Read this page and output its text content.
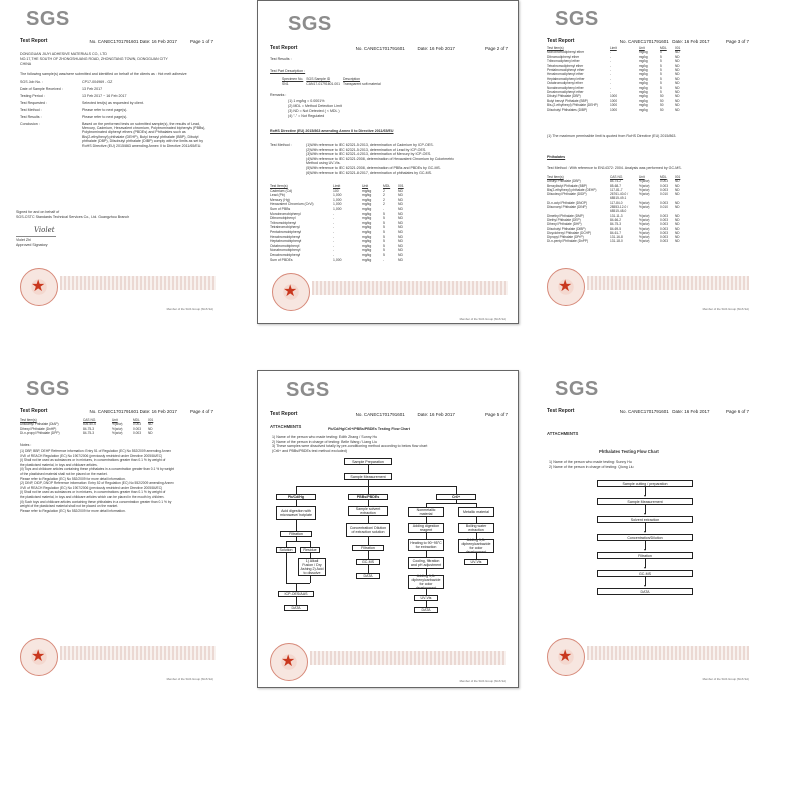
SGS
Test Report	No. CANEC1701791601 Date: 16 Feb 2017	Page 1 of 7
DONGGUAN JIUYI ADHESIVE MATERIALS CO., LTD
NO.17,THE SOUTH OF ZHONGSHUANG ROAD, ZHONGTANG TOWN, DONGGUAN CITY
CHINA
The following sample(s) was/were submitted and identified on behalf of the clients as : Hot melt adhesive
SGS Job No. :	CP17-004969 - GZ
Date of Sample Received :	13 Feb 2017
Testing Period :	13 Feb 2017 ~ 16 Feb 2017
Test Requested :	Selected test(s) as requested by client.
Test Method :	Please refer to next page(s).
Test Results :	Please refer to next page(s).
Conclusion :	Based on the performed tests on submitted sample(s), the results of Lead,
Mercury, Cadmium, Hexavalent chromium, Polybrominated biphenyls (PBBs),
Polybrominated diphenyl ethers (PBDEs) and Phthalates such as
Bis(2-ethylhexyl) phthalate (DEHP), Butyl benzyl phthalate (BBP), Dibutyl
phthalate (DBP), Diisobutyl phthalate (DIBP) comply with the limits as set by
RoHS Directive (EU) 2015/863 amending Annex II to Directive 2011/65/EU.
Signed for and on behalf of
SGS-CSTC Standards Technical Services Co., Ltd. Guangzhou Branch
Violet
Violet Zhi
Approved Signatory
★
Member of the SGS Group (SGS SA)
SGS
Test Report	No. CANEC1701791601	Date: 16 Feb 2017	Page 2 of 7
Test Results :
Test Part Description :
Specimen No.	SGS Sample ID	Description
SN1	CAN17-01791601.001	Transparent soft material
Remarks :
(1) 1 mg/kg = 0.0001%
(2) MDL = Method Detection Limit
(3) ND = Not Detected ( < MDL )
(4) "-" = Not Regulated
RoHS Directive (EU) 2015/863 amending Annex II to Directive 2011/65/EU
Test Method :	(1)With reference to IEC 62321-5:2013, determination of Cadmium by ICP-OES.
(2)With reference to IEC 62321-5:2013, determination of Lead by ICP-OES.
(3)With reference to IEC 62321-4:2013, determination of Mercury by ICP-OES.
(4)With reference to IEC 62321:2008, determination of Hexavalent Chromium by Colorimetric
Method using UV-Vis.
(5)With reference to IEC 62321:2008, determination of PBBs and PBDEs by GC-MS.
(6)With reference to IEC 62321-8:2017, determination of phthalates by GC-MS.
Test Item(s)	Limit	Unit	MDL	001
Cadmium (Cd)	100	mg/kg	2	ND
Lead (Pb)	1,000	mg/kg	2	ND
Mercury (Hg)	1,000	mg/kg	2	ND
Hexavalent Chromium (CrVI)	1,000	mg/kg	2	ND
Sum of PBBs	1,000	mg/kg	-	ND
Monobromobiphenyl	-	mg/kg	5	ND
Dibromobiphenyl	-	mg/kg	5	ND
Tribromobiphenyl	-	mg/kg	5	ND
Tetrabromobiphenyl	-	mg/kg	5	ND
Pentabromobiphenyl	-	mg/kg	5	ND
Hexabromobiphenyl	-	mg/kg	5	ND
Heptabromobiphenyl	-	mg/kg	5	ND
Octabromobiphenyl	-	mg/kg	5	ND
Nonabromobiphenyl	-	mg/kg	5	ND
Decabromobiphenyl	-	mg/kg	5	ND
Sum of PBDEs	1,000	mg/kg	-	ND
★
Member of the SGS Group (SGS SA)
SGS
Test Report	No. CANEC1701791601 Date: 16 Feb 2017	Page 3 of 7
Test Item(s)	Limit	Unit	MDL	001
Monobromodiphenyl ether	-	mg/kg	5	ND
Dibromodiphenyl ether	-	mg/kg	5	ND
Tribromodiphenyl ether	-	mg/kg	5	ND
Tetrabromodiphenyl ether	-	mg/kg	5	ND
Pentabromodiphenyl ether	-	mg/kg	5	ND
Hexabromodiphenyl ether	-	mg/kg	5	ND
Heptabromodiphenyl ether	-	mg/kg	5	ND
Octabromodiphenyl ether	-	mg/kg	5	ND
Nonabromodiphenyl ether	-	mg/kg	5	ND
Decabromodiphenyl ether	-	mg/kg	5	ND
Dibutyl Phthalate (DBP)	1000	mg/kg	50	ND
Butyl benzyl Phthalate (BBP)	1000	mg/kg	50	ND
Bis-(2-ethylhexyl) Phthalate (DEHP)	1000	mg/kg	50	ND
Diisobutyl Phthalates (DIBP)	1000	mg/kg	50	ND
(1) The maximum permissible limit is quoted from RoHS Directive (EU) 2015/863.
Phthalates
Test Method : With reference to EN14372: 2004. Analysis was performed by GC-MS.
Test Item(s)	CAS NO.	Unit	MDL	001
Dibutyl Phthalate (DBP)	84-74-2	%(w/w)	0.003	ND
Benzylbutyl Phthalate (BBP)	85-68-7	%(w/w)	0.003	ND
Bis(2-ethylhexyl) phthalate (DEHP)	117-81-7	%(w/w)	0.003	ND
Diisodecyl Phthalate (DIDP)	26761-40-0 /	%(w/w)	0.010	ND
	68515-49-1			
Di-n-octyl Phthalate (DNOP)	117-84-0	%(w/w)	0.003	ND
Diisononyl Phthalate (DINP)	28553-12-0 /	%(w/w)	0.010	ND
	68515-48-0			
Dimethyl Phthalate (DMP)	131-11-3	%(w/w)	0.003	ND
Diethyl Phthalate (DEP)	84-66-2	%(w/w)	0.003	ND
Dihexyl Phthalate (DHP)	84-75-3	%(w/w)	0.003	ND
Diisobutyl Phthalate (DIBP)	84-69-5	%(w/w)	0.003	ND
Dicyclohexyl Phthalate (DCHP)	84-61-7	%(w/w)	0.003	ND
Dipropyl Phthalate (DPrP)	131-16-8	%(w/w)	0.003	ND
Di-n-pentyl Phthalate (DnPP)	131-18-0	%(w/w)	0.003	ND
★
Member of the SGS Group (SGS SA)
SGS
Test Report	No. CANEC1701791601 Date: 16 Feb 2017	Page 4 of 7
Test Item(s)	CAS NO.	Unit	MDL	001
Diisoamyl Phthalate (DIAP)	605-50-5	%(w/w)	0.003	ND
Dihexyl Phthalate (DnHP)	84-75-3	%(w/w)	0.003	ND
Di-n-propyl Phthalate (DPP)	84-75-3	%(w/w)	0.003	ND
Notes :
(1) DBP, BBP, DEHP Reference information: Entry 51 of Regulation (EC) No 552/2009 amending Annex
XVII of REACH Regulation (EC) No 1907/2006 (previously restricted under Directive 2005/84/EC)
(i) Shall not be used as substances or in mixtures, in concentrations greater than 0.1 % by weight of
the plasticised material, in toys and childcare articles.
(ii) Toys and childcare articles containing these phthalates in a concentration greater than 0.1 % by weight
of the plasticised material shall not be placed on the market.
Please refer to Regulation (EC) No 552/2009 for more detail information.
(2) DINP, DIDP, DNOP Reference information: Entry 52 of Regulation (EC) No 552/2009 amending Annex
XVII of REACH Regulation (EC) No 1907/2006 (previously restricted under Directive 2005/84/EC)
(i) Shall not be used as substances or in mixtures, in concentrations greater than 0.1 % by weight of
the plasticised material, in toys and childcare articles which can be placed in the mouth by children.
(ii) Such toys and childcare articles containing these phthalates in a concentration greater than 0.1 % by
weight of the plasticised material shall not be placed on the market.
Please refer to Regulation (EC) No 552/2009 for more detail information.
★
Member of the SGS Group (SGS SA)
SGS
Test Report	No. CANEC1701791601	Date: 16 Feb 2017	Page 5 of 7
ATTACHMENTS	Pb/Cd/Hg/Cr6+/PBBs/PBDEs Testing Flow Chart
1) Name of the person who made testing: Edith Zhang / Sunny Hu
2) Name of the person in charge of testing: Belle Wang / Liang Liu
3) These samples were dissolved totally by pre-conditioning method according to below flow chart
(Cr6+ and PBBs/PBDEs test method excluded)
Sample Preparation
Sample Measurement
Pb/Cd/Hg	PBBs/PBDEs	Cr6+
Acid digestion with microwave/ hotplate
Sample solvent extraction
Nonmetallic material	Metallic material
Filtration
Concentration/ Dilution of extraction solution
Adding digestion reagent
Boiling water extraction
Solution	Residue	Filtration
Heating to 90~95°C for extraction
Adding 1,5-diphenylcarbazide for color development
1) Alkali Fusion / Dry Ashing 2) Acid to dissolve
GC-MS	Cooling, filtration and pH adjustment
UV-Vis
ICP-OES/AAS
Adding 1,5-diphenylcarbazide for color development
DATA
DATA
UV-Vis
DATA
★
Member of the SGS Group (SGS SA)
SGS
Test Report	No. CANEC1701791601 Date: 16 Feb 2017	Page 6 of 7
ATTACHMENTS
Phthalates Testing Flow Chart
1) Name of the person who made testing: Sunny Hu
2) Name of the person in charge of testing: Qiong Liu
Sample cutting / preparation
Sample Measurement
Solvent extraction
Concentration/Dilution
Filtration
GC-MS
DATA
★
Member of the SGS Group (SGS SA)
